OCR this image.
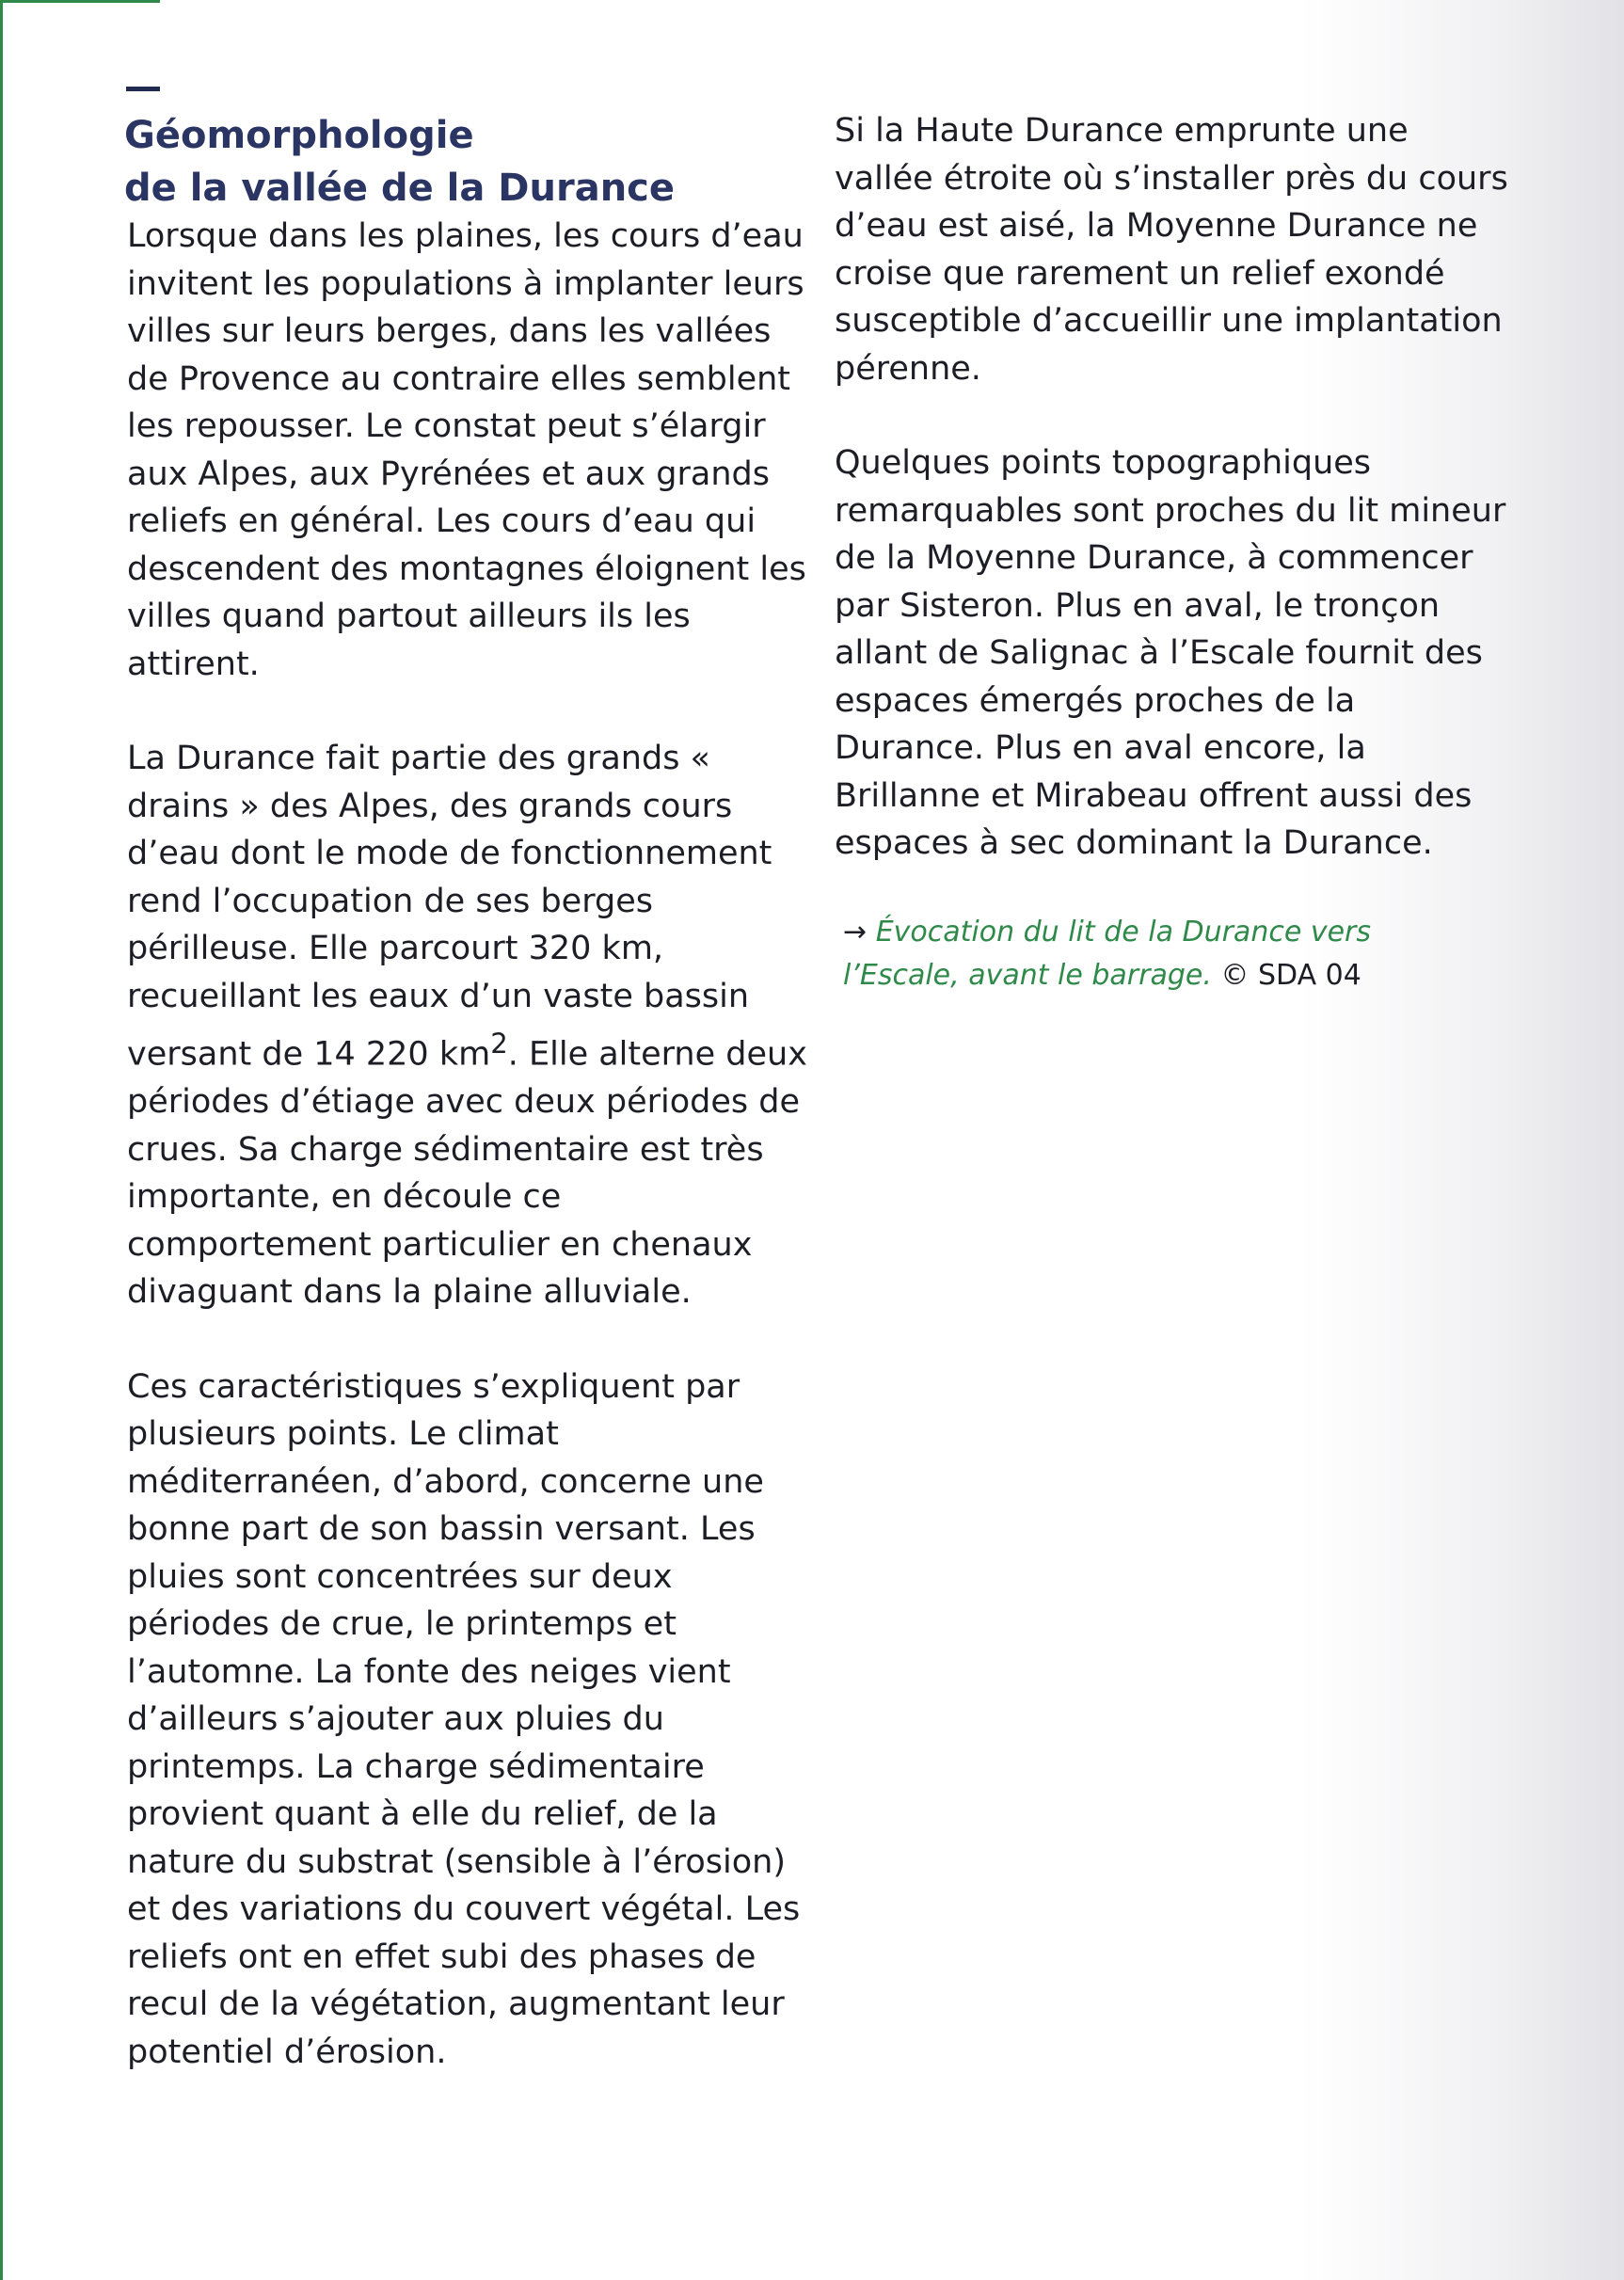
Géomorphologie
de la vallée de la Durance

Lorsque dans les plaines, les cours d’eau invitent les populations à implanter leurs villes sur leurs berges, dans les vallées de Provence au contraire elles semblent les repousser. Le constat peut s’élargir aux Alpes, aux Pyrénées et aux grands reliefs en général. Les cours d’eau qui descendent des montagnes éloignent les villes quand partout ailleurs ils les attirent.

La Durance fait partie des grands « drains » des Alpes, des grands cours d’eau dont le mode de fonctionnement rend l’occupation de ses berges périlleuse. Elle parcourt 320 km, recueillant les eaux d’un vaste bassin versant de 14 220 $km^2$. Elle alterne deux périodes d’étiage avec deux périodes de crues. Sa charge sédimentaire est très importante, en découle ce comportement particulier en chenaux divaguant dans la plaine alluviale.

Ces caractéristiques s’expliquent par plusieurs points. Le climat méditerranéen, d’abord, concerne une bonne part de son bassin versant. Les pluies sont concentrées sur deux périodes de crue, le printemps et l’automne. La fonte des neiges vient d’ailleurs s’ajouter aux pluies du printemps. La charge sédimentaire provient quant à elle du relief, de la nature du substrat (sensible à l’érosion) et des variations du couvert végétal. Les reliefs ont en effet subi des phases de recul de la végétation, augmentant leur potentiel d’érosion.

Si la Haute Durance emprunte une vallée étroite où s’installer près du cours d’eau est aisé, la Moyenne Durance ne croise que rarement un relief exondé susceptible d’accueillir une implantation pérenne.

Quelques points topographiques remarquables sont proches du lit mineur de la Moyenne Durance, à commencer par Sisteron. Plus en aval, le tronçon allant de Salignac à l’Escale fournit des espaces émergés proches de la Durance. Plus en aval encore, la Brillanne et Mirabeau offrent aussi des espaces à sec dominant la Durance.

→ Évocation du lit de la Durance vers l’Escale, avant le barrage. © SDA 04
